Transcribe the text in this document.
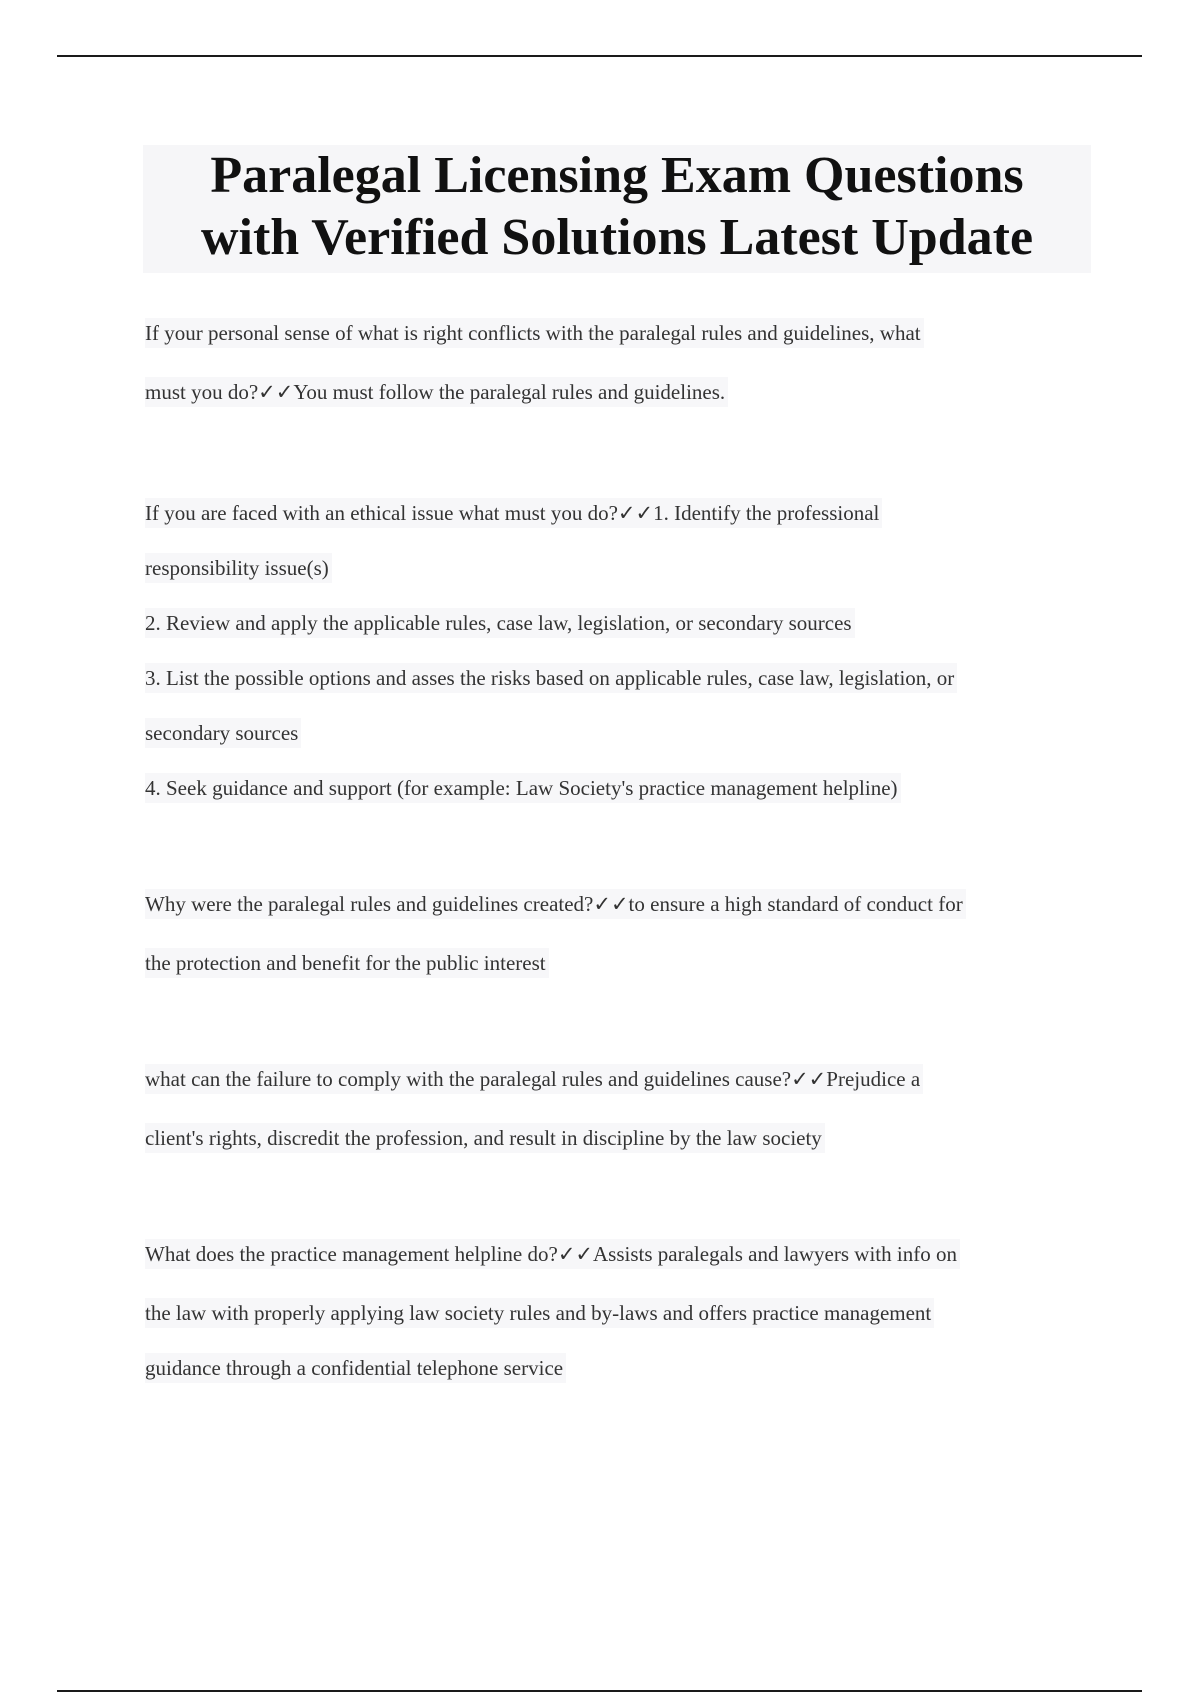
Paralegal Licensing Exam Questions
with Verified Solutions Latest Update
If your personal sense of what is right conflicts with the paralegal rules and guidelines, what
must you do?✓✓You must follow the paralegal rules and guidelines.
If you are faced with an ethical issue what must you do?✓✓1. Identify the professional
responsibility issue(s)
2. Review and apply the applicable rules, case law, legislation, or secondary sources
3. List the possible options and asses the risks based on applicable rules, case law, legislation, or
secondary sources
4. Seek guidance and support (for example: Law Society's practice management helpline)
Why were the paralegal rules and guidelines created?✓✓to ensure a high standard of conduct for
the protection and benefit for the public interest
what can the failure to comply with the paralegal rules and guidelines cause?✓✓Prejudice a
client's rights, discredit the profession, and result in discipline by the law society
What does the practice management helpline do?✓✓Assists paralegals and lawyers with info on
the law with properly applying law society rules and by-laws and offers practice management
guidance through a confidential telephone service
